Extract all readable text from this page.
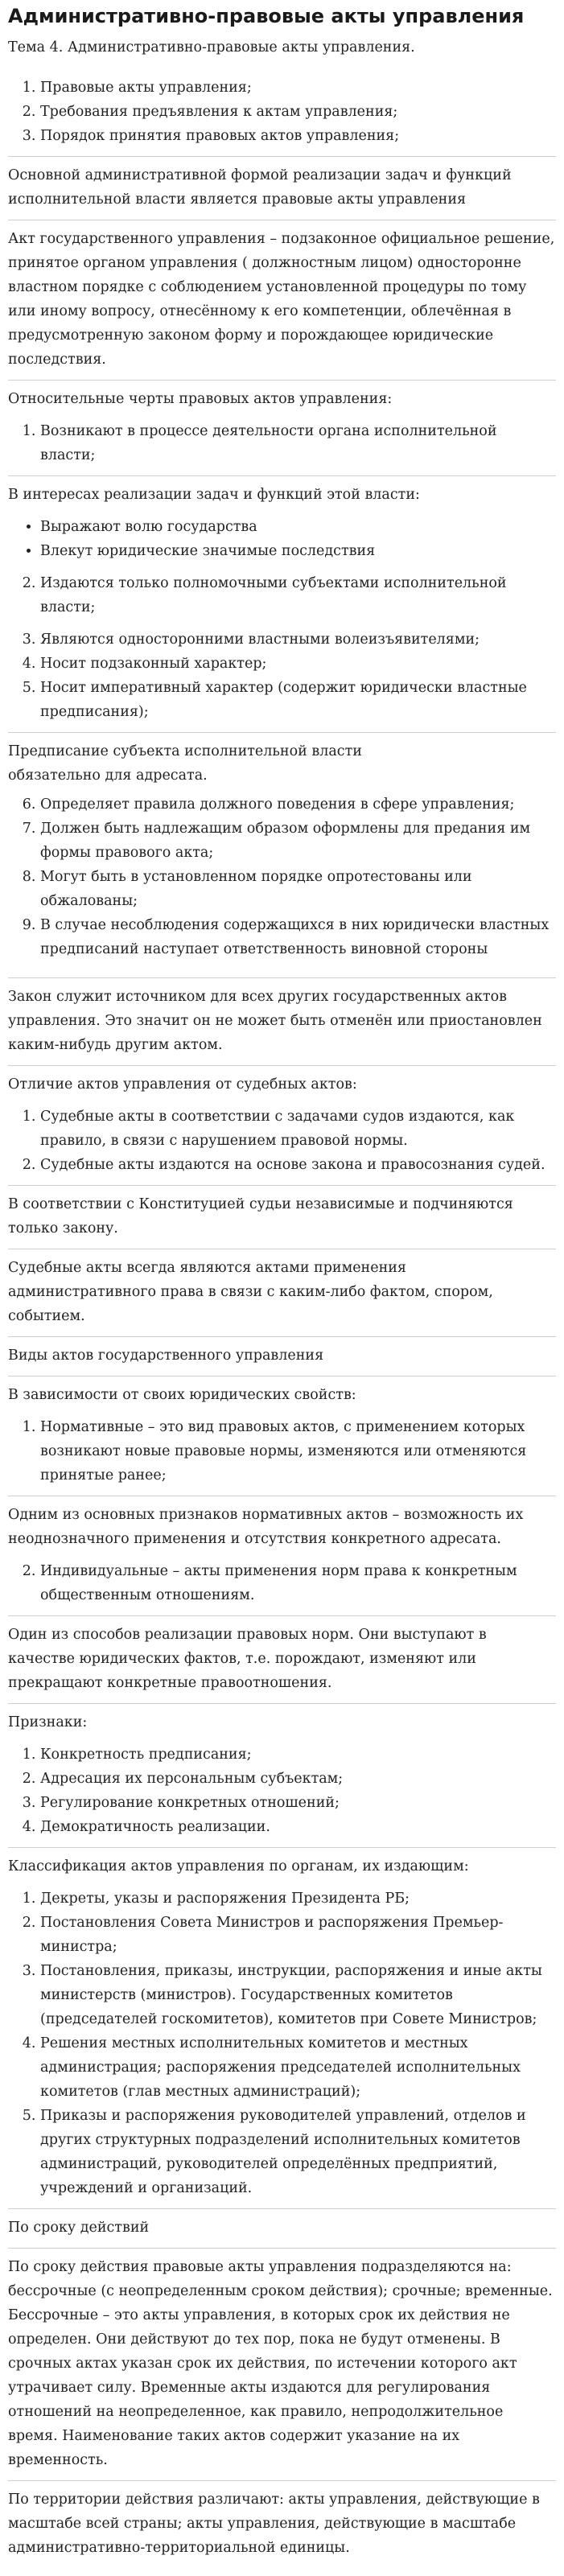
Административно-правовые акты управления

Тема 4. Административно-правовые акты управления.

1. Правовые акты управления;
2. Требования предъявления к актам управления;
3. Порядок принятия правовых актов управления;

Основной административной формой реализации задач и функций исполнительной власти является правовые акты управления

Акт государственного управления – подзаконное официальное решение, принятое органом управления ( должностным лицом) односторонне властном порядке с соблюдением установленной процедуры по тому или иному вопросу, отнесённому к его компетенции, облечённая в предусмотренную законом форму и порождающее юридические последствия.

Относительные черты правовых актов управления:

1. Возникают в процессе деятельности органа исполнительной власти;

В интересах реализации задач и функций этой власти:

• Выражают волю государства
• Влекут юридические значимые последствия
2. Издаются только полномочными субъектами исполнительной власти;
3. Являются односторонними властными волеизъявителями;
4. Носит подзаконный характер;
5. Носит императивный характер (содержит юридически властные предписания);

Предписание субъекта исполнительной власти
обязательно для адресата.

6. Определяет правила должного поведения в сфере управления;
7. Должен быть надлежащим образом оформлены для предания им формы правового акта;
8. Могут быть в установленном порядке опротестованы или обжалованы;
9. В случае несоблюдения содержащихся в них юридически властных предписаний наступает ответственность виновной стороны

Закон служит источником для всех других государственных актов управления. Это значит он не может быть отменён или приостановлен каким-нибудь другим актом.

Отличие актов управления от судебных актов:

1. Судебные акты в соответствии с задачами судов издаются, как правило, в связи с нарушением правовой нормы.
2. Судебные акты издаются на основе закона и правосознания судей.

В соответствии с Конституцией судьи независимые и подчиняются только закону.

Судебные акты всегда являются актами применения административного права в связи с каким-либо фактом, спором, событием.

Виды актов государственного управления

В зависимости от своих юридических свойств:

1. Нормативные – это вид правовых актов, с применением которых возникают новые правовые нормы, изменяются или отменяются принятые ранее;

Одним из основных признаков нормативных актов – возможность их неоднозначного применения и отсутствия конкретного адресата.

2. Индивидуальные – акты применения норм права к конкретным общественным отношениям.

Один из способов реализации правовых норм. Они выступают в качестве юридических фактов, т.е. порождают, изменяют или прекращают конкретные правоотношения.

Признаки:

1. Конкретность предписания;
2. Адресация их персональным субъектам;
3. Регулирование конкретных отношений;
4. Демократичность реализации.

Классификация актов управления по органам, их издающим:

1. Декреты, указы и распоряжения Президента РБ;
2. Постановления Совета Министров и распоряжения Премьер-министра;
3. Постановления, приказы, инструкции, распоряжения и иные акты министерств (министров). Государственных комитетов (председателей госкомитетов), комитетов при Совете Министров;
4. Решения местных исполнительных комитетов и местных администрация; распоряжения председателей исполнительных комитетов (глав местных администраций);
5. Приказы и распоряжения руководителей управлений, отделов и других структурных подразделений исполнительных комитетов администраций, руководителей определённых предприятий, учреждений и организаций.

По сроку действий

По сроку действия правовые акты управления подразделяются на: бессрочные (с неопределенным сроком действия); срочные; временные. Бессрочные – это акты управления, в которых срок их действия не определен. Они действуют до тех пор, пока не будут отменены. В срочных актах указан срок их действия, по истечении которого акт утрачивает силу. Временные акты издаются для регулирования отношений на неопределенное, как правило, непродолжительное время. Наименование таких актов содержит указание на их временность.

По территории действия различают: акты управления, действующие в масштабе всей страны; акты управления, действующие в масштабе административно-территориальной единицы.
